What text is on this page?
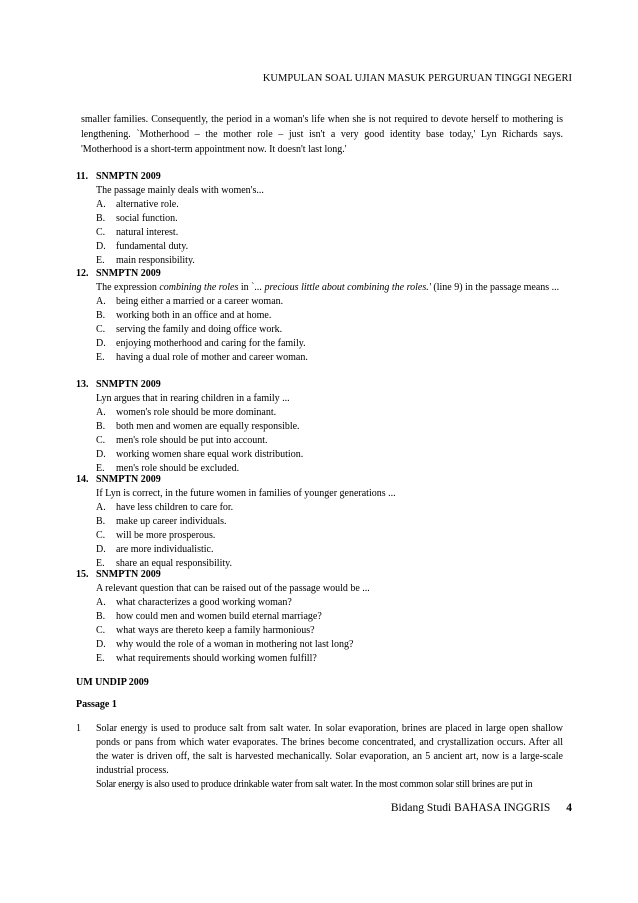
KUMPULAN SOAL UJIAN MASUK PERGURUAN TINGGI NEGERI
smaller families. Consequently, the period in a woman's life when she is not required to devote herself to mothering is lengthening. `Motherhood – the mother role – just isn't a very good identity base today,' Lyn Richards says. 'Motherhood is a short-term appointment now. It doesn't last long.'
11. SNMPTN 2009
The passage mainly deals with women's...
A.	alternative role.
B.	social function.
C.	natural interest.
D.	fundamental duty.
E.	main responsibility.
12. SNMPTN 2009
The expression combining the roles in `... precious little about combining the roles.' (line 9) in the passage means ...
A.	being either a married or a career woman.
B.	working both in an office and at home.
C.	serving the family and doing office work.
D.	enjoying motherhood and caring for the family.
E.	having a dual role of mother and career woman.
13. SNMPTN 2009
Lyn argues that in rearing children in a family ...
A.	women's role should be more dominant.
B.	both men and women are equally responsible.
C.	men's role should be put into account.
D.	working women share equal work distribution.
E.	men's role should be excluded.
14. SNMPTN 2009
If Lyn is correct, in the future women in families of younger generations ...
A.	have less children to care for.
B.	make up career individuals.
C.	will be more prosperous.
D.	are more individualistic.
E.	share an equal responsibility.
15. SNMPTN 2009
A relevant question that can be raised out of the passage would be ...
A.	what characterizes a good working woman?
B.	how could men and women build eternal marriage?
C.	what ways are thereto keep a family harmonious?
D.	why would the role of a woman in mothering not last long?
E.	what requirements should working women fulfill?
UM UNDIP 2009
Passage 1
1	Solar energy is used to produce salt from salt water. In solar evaporation, brines are placed in large open shallow ponds or pans from which water evaporates. The brines become concentrated, and crystallization occurs. After all the water is driven off, the salt is harvested mechanically. Solar evaporation, an 5 ancient art, now is a large-scale industrial process.
Solar energy is also used to produce drinkable water from salt water. In the most common solar still brines are put in
Bidang Studi BAHASA INGGRIS 4
